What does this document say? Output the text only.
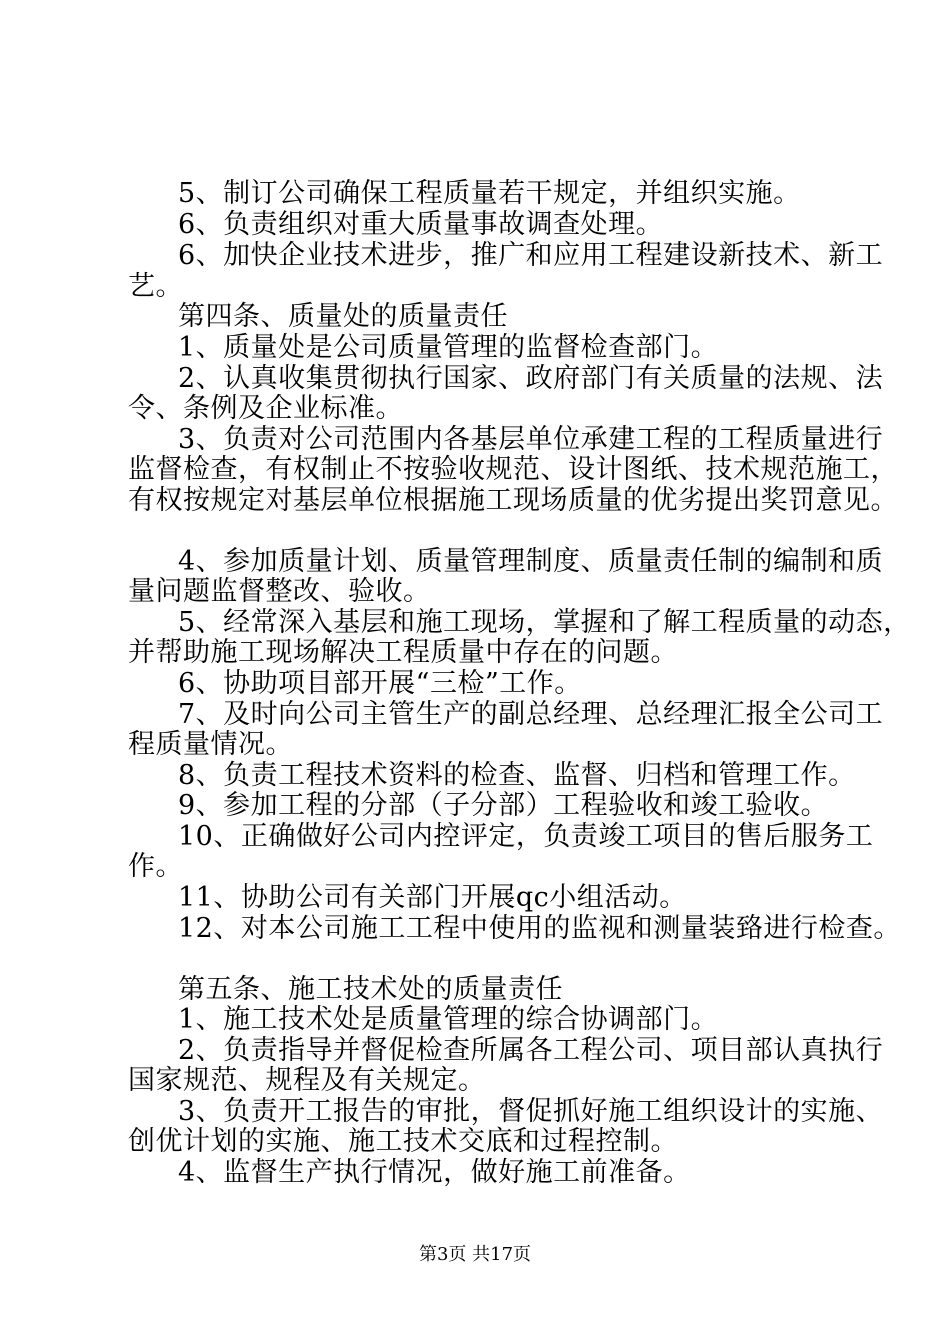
5、制订公司确保工程质量若干规定，并组织实施。
6、负责组织对重大质量事故调查处理。
6、加快企业技术进步，推广和应用工程建设新技术、新工
艺。
第四条、质量处的质量责任
1、质量处是公司质量管理的监督检查部门。
2、认真收集贯彻执行国家、政府部门有关质量的法规、法
令、条例及企业标准。
3、负责对公司范围内各基层单位承建工程的工程质量进行
监督检查，有权制止不按验收规范、设计图纸、技术规范施工，
有权按规定对基层单位根据施工现场质量的优劣提出奖罚意见。
4、参加质量计划、质量管理制度、质量责任制的编制和质
量问题监督整改、验收。
5、经常深入基层和施工现场，掌握和了解工程质量的动态，
并帮助施工现场解决工程质量中存在的问题。
6、协助项目部开展“三检”工作。
7、及时向公司主管生产的副总经理、总经理汇报全公司工
程质量情况。
8、负责工程技术资料的检查、监督、归档和管理工作。
9、参加工程的分部（子分部）工程验收和竣工验收。
10、正确做好公司内控评定，负责竣工项目的售后服务工
作。
11、协助公司有关部门开展qc小组活动。
12、对本公司施工工程中使用的监视和测量装臵进行检查。
第五条、施工技术处的质量责任
1、施工技术处是质量管理的综合协调部门。
2、负责指导并督促检查所属各工程公司、项目部认真执行
国家规范、规程及有关规定。
3、负责开工报告的审批，督促抓好施工组织设计的实施、
创优计划的实施、施工技术交底和过程控制。
4、监督生产执行情况，做好施工前准备。
第3页 共17页
